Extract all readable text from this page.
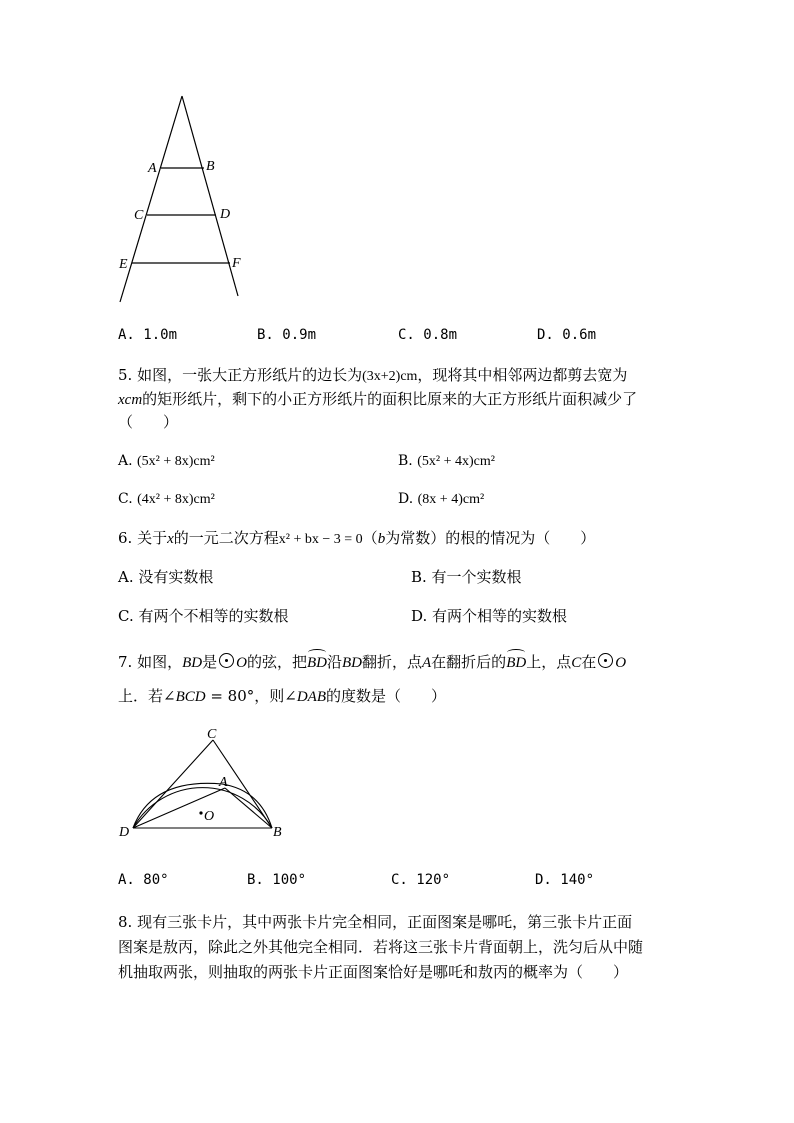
A	B
C	D
E	F
A. 1.0m	B. 0.9m	C. 0.8m	D. 0.6m
5. 如图，一张大正方形纸片的边长为(3x+2)cm，现将其中相邻两边都剪去宽为
xcm的矩形纸片，剩下的小正方形纸片的面积比原来的大正方形纸片面积减少了
（　　）
A. (5x² + 8x)cm²	B. (5x² + 4x)cm²
C. (4x² + 8x)cm²	D. (8x + 4)cm²
6. 关于x的一元二次方程x² + bx − 3 = 0（b为常数）的根的情况为（　　）
A. 没有实数根	B. 有一个实数根
C. 有两个不相等的实数根	D. 有两个相等的实数根
7. 如图，BD是 O的弦，把BD沿BD翻折，点A在翻折后的BD上，点C在 O
上．若∠BCD = 80°，则∠DAB的度数是（　　）
C
A
O
D	B
A. 80°	B. 100°	C. 120°	D. 140°
8. 现有三张卡片，其中两张卡片完全相同，正面图案是哪吒，第三张卡片正面
图案是敖丙，除此之外其他完全相同．若将这三张卡片背面朝上，洗匀后从中随
机抽取两张，则抽取的两张卡片正面图案恰好是哪吒和敖丙的概率为（　　）
